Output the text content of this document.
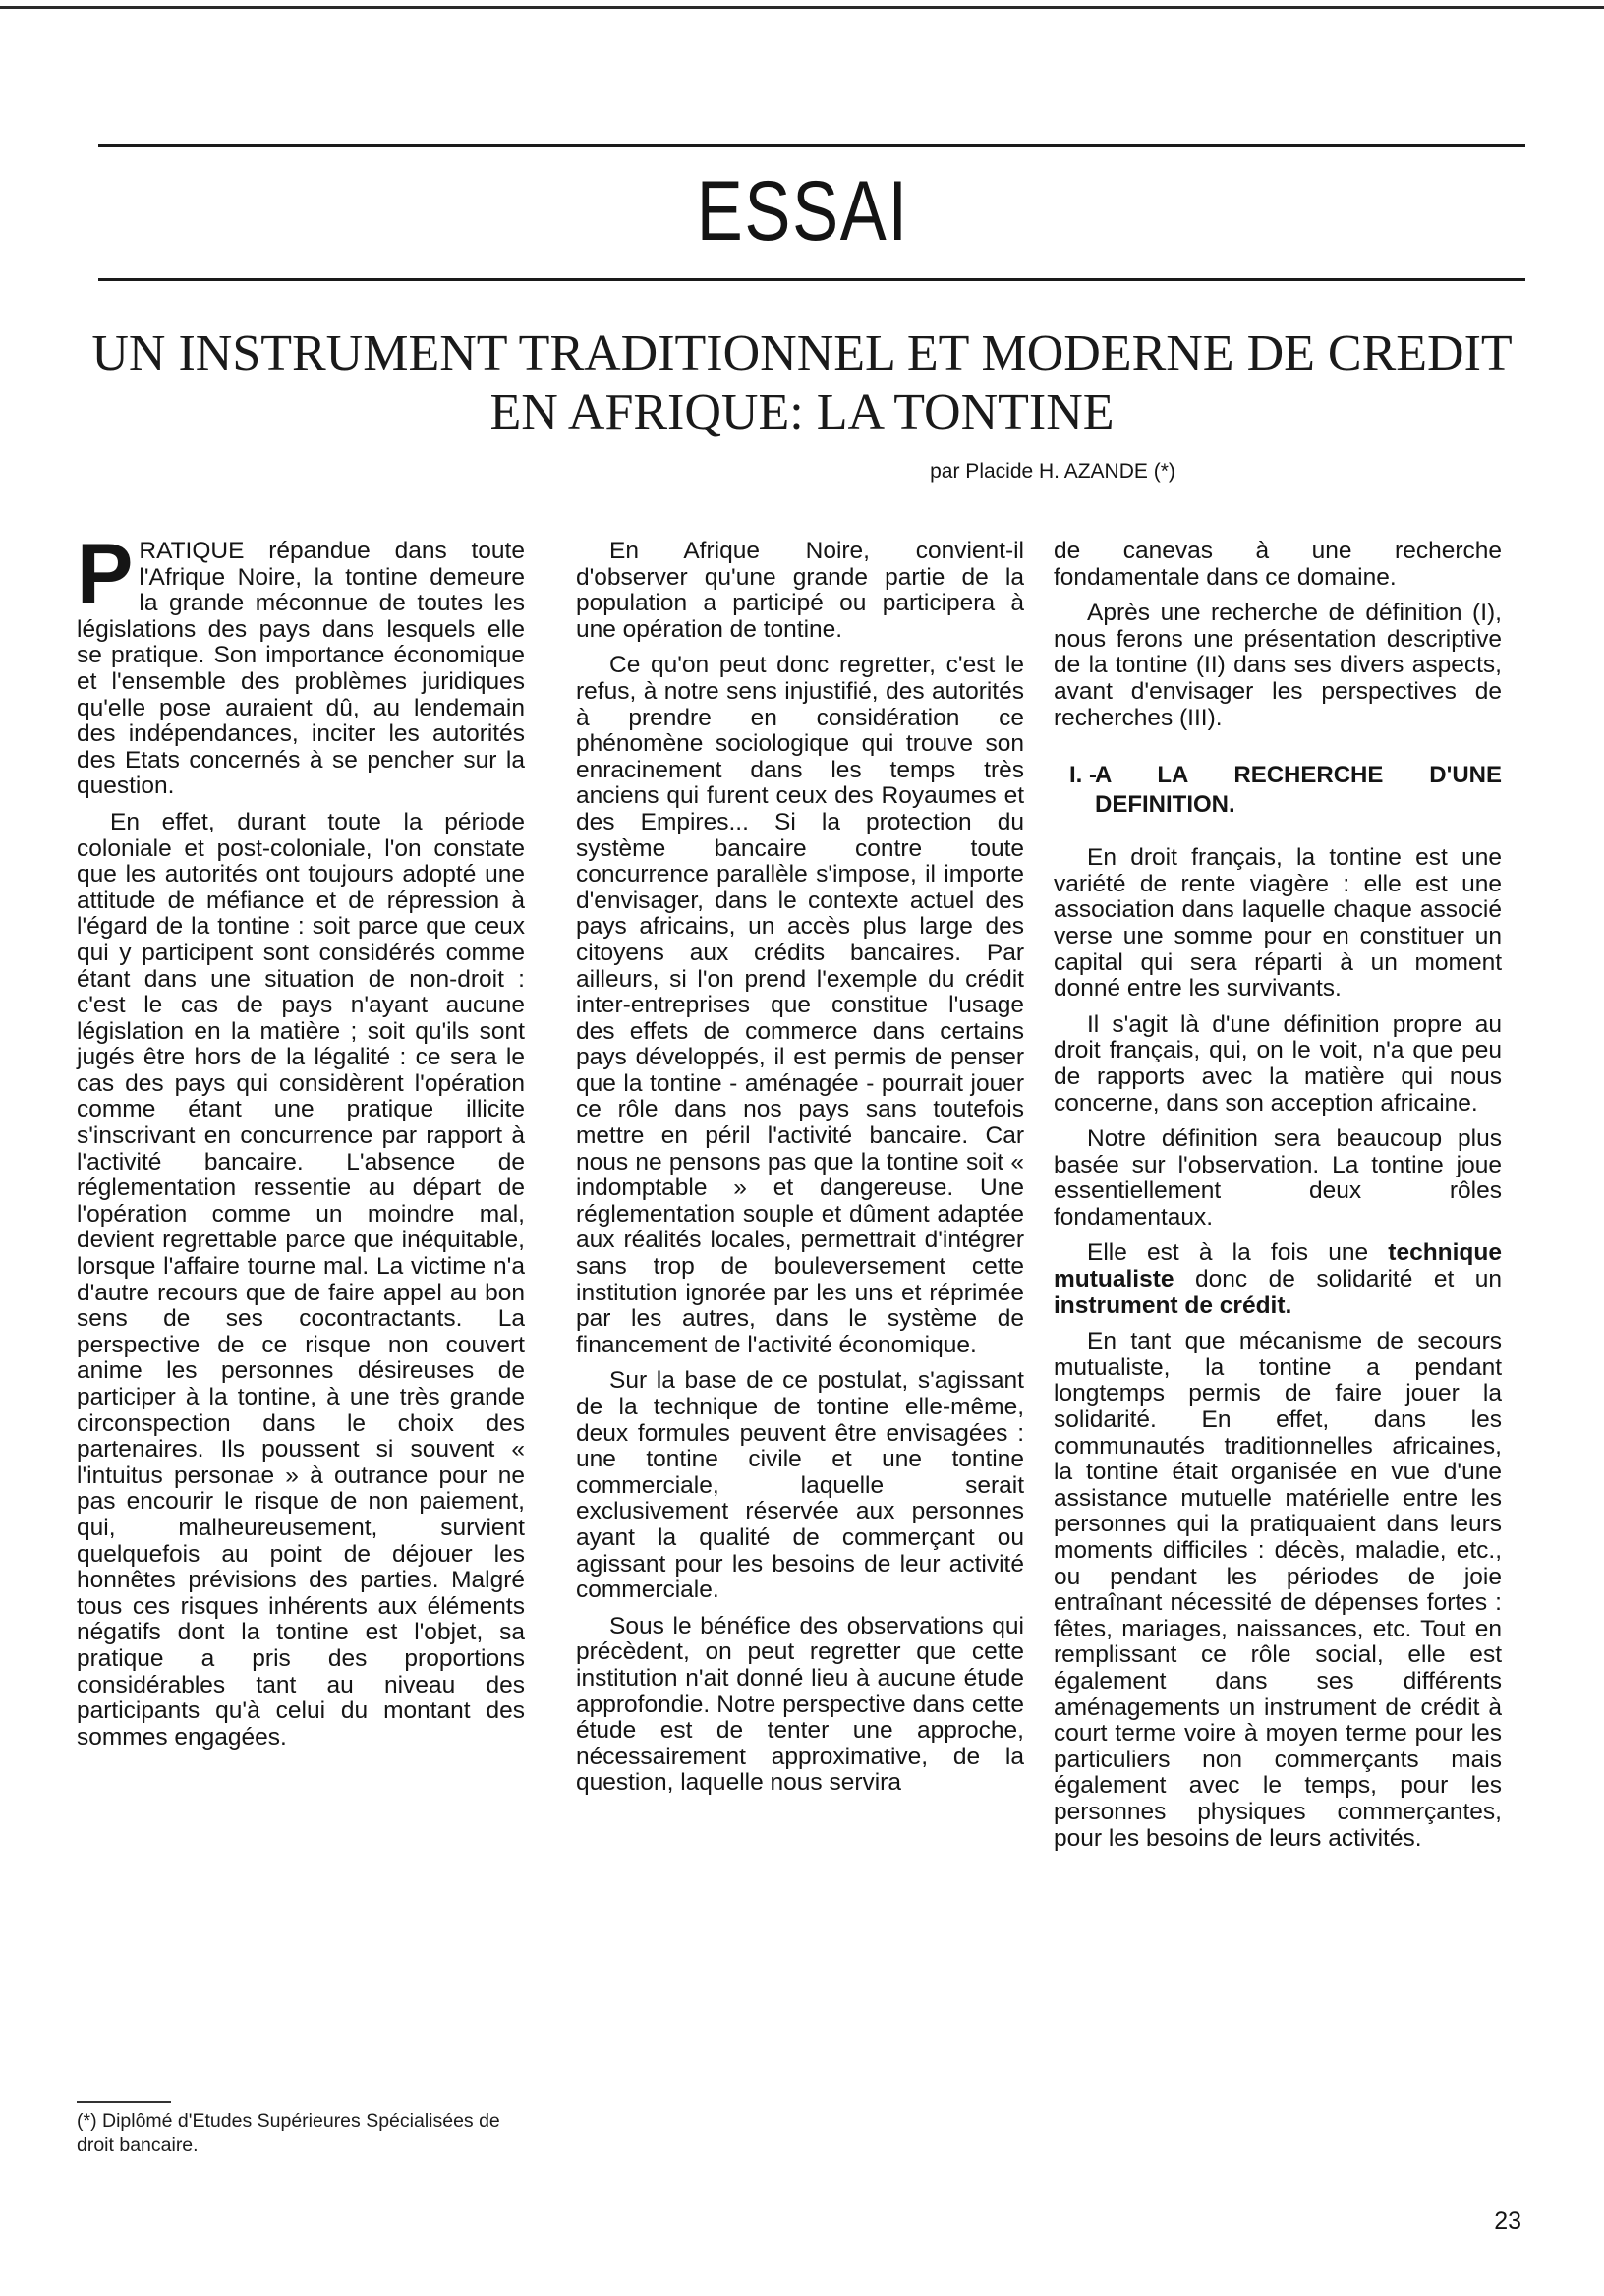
ESSAI
UN INSTRUMENT TRADITIONNEL ET MODERNE DE CREDIT
EN AFRIQUE: LA TONTINE

par Placide H. AZANDE (*)

PRATIQUE répandue dans toute l'Afrique Noire, la tontine demeure la grande méconnue de toutes les législations des pays dans lesquels elle se pratique. Son importance économique et l'ensemble des problèmes juridiques qu'elle pose auraient dû, au lendemain des indépendances, inciter les autorités des Etats concernés à se pencher sur la question.

En effet, durant toute la période coloniale et post-coloniale, l'on constate que les autorités ont toujours adopté une attitude de méfiance et de répression à l'égard de la tontine : soit parce que ceux qui y participent sont considérés comme étant dans une situation de non-droit : c'est le cas de pays n'ayant aucune législation en la matière ; soit qu'ils sont jugés être hors de la légalité : ce sera le cas des pays qui considèrent l'opération comme étant une pratique illicite s'inscrivant en concurrence par rapport à l'activité bancaire. L'absence de réglementation ressentie au départ de l'opération comme un moindre mal, devient regrettable parce que inéquitable, lorsque l'affaire tourne mal. La victime n'a d'autre recours que de faire appel au bon sens de ses cocontractants. La perspective de ce risque non couvert anime les personnes désireuses de participer à la tontine, à une très grande circonspection dans le choix des partenaires. Ils poussent si souvent « l'intuitus personae » à outrance pour ne pas encourir le risque de non paiement, qui, malheureusement, survient quelquefois au point de déjouer les honnêtes prévisions des parties. Malgré tous ces risques inhérents aux éléments négatifs dont la tontine est l'objet, sa pratique a pris des proportions considérables tant au niveau des participants qu'à celui du montant des sommes engagées.

En Afrique Noire, convient-il d'observer qu'une grande partie de la population a participé ou participera à une opération de tontine.

Ce qu'on peut donc regretter, c'est le refus, à notre sens injustifié, des autorités à prendre en considération ce phénomène sociologique qui trouve son enracinement dans les temps très anciens qui furent ceux des Royaumes et des Empires... Si la protection du système bancaire contre toute concurrence parallèle s'impose, il importe d'envisager, dans le contexte actuel des pays africains, un accès plus large des citoyens aux crédits bancaires. Par ailleurs, si l'on prend l'exemple du crédit inter-entreprises que constitue l'usage des effets de commerce dans certains pays développés, il est permis de penser que la tontine - aménagée - pourrait jouer ce rôle dans nos pays sans toutefois mettre en péril l'activité bancaire. Car nous ne pensons pas que la tontine soit « indomptable » et dangereuse. Une réglementation souple et dûment adaptée aux réalités locales, permettrait d'intégrer sans trop de bouleversement cette institution ignorée par les uns et réprimée par les autres, dans le système de financement de l'activité économique.

Sur la base de ce postulat, s'agissant de la technique de tontine elle-même, deux formules peuvent être envisagées : une tontine civile et une tontine commerciale, laquelle serait exclusivement réservée aux personnes ayant la qualité de commerçant ou agissant pour les besoins de leur activité commerciale.

Sous le bénéfice des observations qui précèdent, on peut regretter que cette institution n'ait donné lieu à aucune étude approfondie. Notre perspective dans cette étude est de tenter une approche, nécessairement approximative, de la question, laquelle nous servira

de canevas à une recherche fondamentale dans ce domaine.

Après une recherche de définition (I), nous ferons une présentation descriptive de la tontine (II) dans ses divers aspects, avant d'envisager les perspectives de recherches (III).

I. -
A LA RECHERCHE D'UNE DEFINITION.

En droit français, la tontine est une variété de rente viagère : elle est une association dans laquelle chaque associé verse une somme pour en constituer un capital qui sera réparti à un moment donné entre les survivants.

Il s'agit là d'une définition propre au droit français, qui, on le voit, n'a que peu de rapports avec la matière qui nous concerne, dans son acception africaine.

Notre définition sera beaucoup plus basée sur l'observation. La tontine joue essentiellement deux rôles fondamentaux.

Elle est à la fois une technique mutualiste donc de solidarité et un instrument de crédit.

En tant que mécanisme de secours mutualiste, la tontine a pendant longtemps permis de faire jouer la solidarité. En effet, dans les communautés traditionnelles africaines, la tontine était organisée en vue d'une assistance mutuelle matérielle entre les personnes qui la pratiquaient dans leurs moments difficiles : décès, maladie, etc., ou pendant les périodes de joie entraînant nécessité de dépenses fortes : fêtes, mariages, naissances, etc. Tout en remplissant ce rôle social, elle est également dans ses différents aménagements un instrument de crédit à court terme voire à moyen terme pour les particuliers non commerçants mais également avec le temps, pour les personnes physiques commerçantes, pour les besoins de leurs activités.

(*) Diplômé d'Etudes Supérieures Spécialisées de droit bancaire.
23
